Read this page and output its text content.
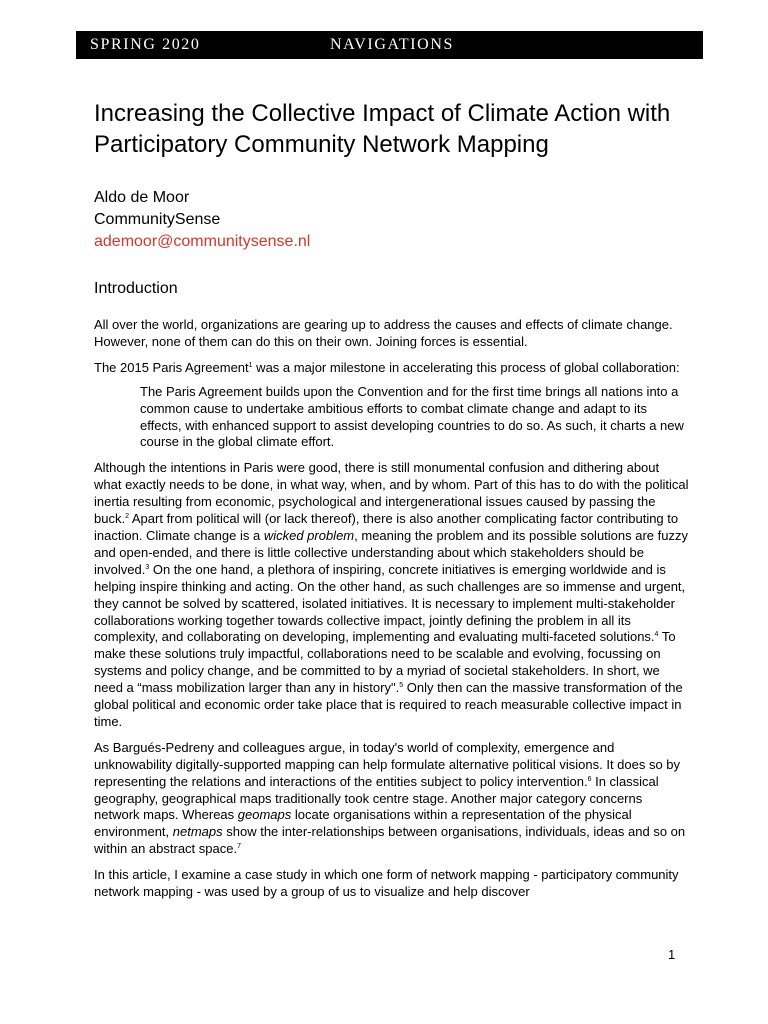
SPRING 2020	NAVIGATIONS
Increasing the Collective Impact of Climate Action with Participatory Community Network Mapping
Aldo de Moor
CommunitySense
ademoor@communitysense.nl
Introduction

All over the world, organizations are gearing up to address the causes and effects of climate change. However, none of them can do this on their own. Joining forces is essential.

The 2015 Paris Agreement$^1$ was a major milestone in accelerating this process of global collaboration:

The Paris Agreement builds upon the Convention and for the first time brings all nations into a common cause to undertake ambitious efforts to combat climate change and adapt to its effects, with enhanced support to assist developing countries to do so. As such, it charts a new course in the global climate effort.

Although the intentions in Paris were good, there is still monumental confusion and dithering about what exactly needs to be done, in what way, when, and by whom. Part of this has to do with the political inertia resulting from economic, psychological and intergenerational issues caused by passing the buck.$^2$ Apart from political will (or lack thereof), there is also another complicating factor contributing to inaction. Climate change is a wicked problem, meaning the problem and its possible solutions are fuzzy and open-ended, and there is little collective understanding about which stakeholders should be involved.$^3$ On the one hand, a plethora of inspiring, concrete initiatives is emerging worldwide and is helping inspire thinking and acting. On the other hand, as such challenges are so immense and urgent, they cannot be solved by scattered, isolated initiatives. It is necessary to implement multi-stakeholder collaborations working together towards collective impact, jointly defining the problem in all its complexity, and collaborating on developing, implementing and evaluating multi-faceted solutions.$^4$ To make these solutions truly impactful, collaborations need to be scalable and evolving, focussing on systems and policy change, and be committed to by a myriad of societal stakeholders. In short, we need a “mass mobilization larger than any in history".$^5$ Only then can the massive transformation of the global political and economic order take place that is required to reach measurable collective impact in time.

As Bargués-Pedreny and colleagues argue, in today's world of complexity, emergence and unknowability digitally-supported mapping can help formulate alternative political visions. It does so by representing the relations and interactions of the entities subject to policy intervention.$^6$ In classical geography, geographical maps traditionally took centre stage. Another major category concerns network maps. Whereas geomaps locate organisations within a representation of the physical environment, netmaps show the inter-relationships between organisations, individuals, ideas and so on within an abstract space.$^7$

In this article, I examine a case study in which one form of network mapping - participatory community network mapping - was used by a group of us to visualize and help discover

1
